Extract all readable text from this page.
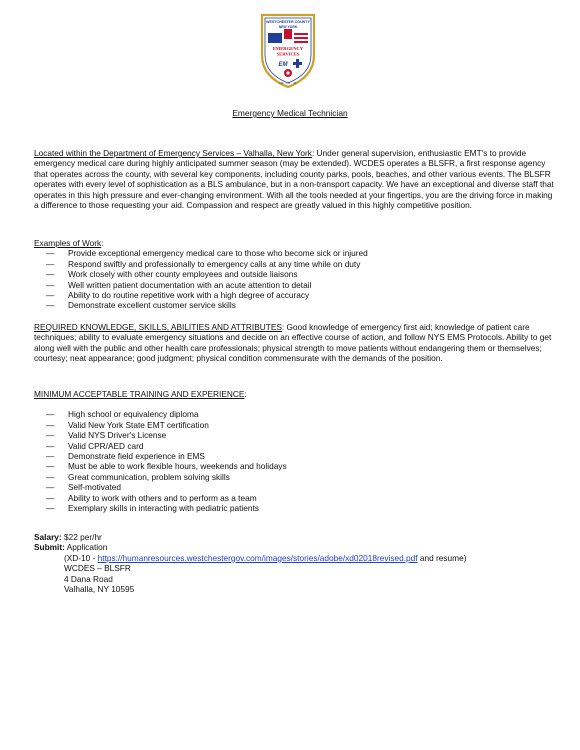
WESTCHESTER COUNTY
NEW YORK
EMERGENCY
SERVICES
EM
HE · NY · 41
Emergency Medical Technician

Located within the Department of Emergency Services – Valhalla, New York: Under general supervision, enthusiastic EMT's to provide emergency medical care during highly anticipated summer season (may be extended). WCDES operates a BLSFR, a first response agency that operates across the county, with several key components, including county parks, pools, beaches, and other various events. The BLSFR operates with every level of sophistication as a BLS ambulance, but in a non-transport capacity. We have an exceptional and diverse staff that operates in this high pressure and ever-changing environment. With all the tools needed at your fingertips, you are the driving force in making a difference to those requesting your aid. Compassion and respect are greatly valued in this highly competitive position.

Examples of Work:
— Provide exceptional emergency medical care to those who become sick or injured
— Respond swiftly and professionally to emergency calls at any time while on duty
— Work closely with other county employees and outside liaisons
— Well written patient documentation with an acute attention to detail
— Ability to do routine repetitive work with a high degree of accuracy
— Demonstrate excellent customer service skills

REQUIRED KNOWLEDGE, SKILLS, ABILITIES AND ATTRIBUTES: Good knowledge of emergency first aid; knowledge of patient care techniques; ability to evaluate emergency situations and decide on an effective course of action, and follow NYS EMS Protocols. Ability to get along well with the public and other health care professionals; physical strength to move patients without endangering them or themselves; courtesy; neat appearance; good judgment; physical condition commensurate with the demands of the position.

MINIMUM ACCEPTABLE TRAINING AND EXPERIENCE:
— High school or equivalency diploma
— Valid New York State EMT certification
— Valid NYS Driver's License
— Valid CPR/AED card
— Demonstrate field experience in EMS
— Must be able to work flexible hours, weekends and holidays
— Great communication, problem solving skills
— Self-motivated
— Ability to work with others and to perform as a team
— Exemplary skills in interacting with pediatric patients
Salary: $22 per/hr
Submit: Application
(XD-10 - https://humanresources.westchestergov.com/images/stories/adobe/xd02018revised.pdf and resume)
WCDES – BLSFR
4 Dana Road
Valhalla, NY 10595
